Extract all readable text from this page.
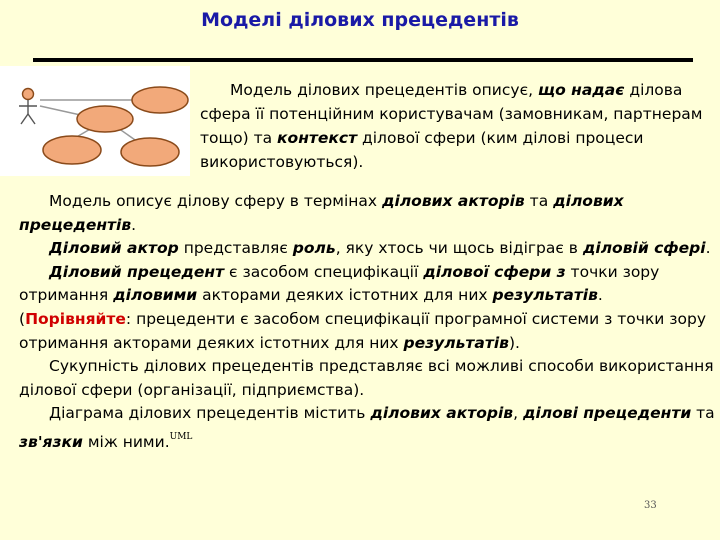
Моделі ділових прецедентів

Модель ділових прецедентів описує, що надає ділова сфера її потенційним користувачам (замовникам, партнерам тощо) та контекст ділової сфери (ким ділові процеси використовуються).

Модель описує ділову сферу в термінах ділових акторів та ділових прецедентів.

Діловий актор представляє роль, яку хтось чи щось відіграє в діловій сфері.

Діловий прецедент є засобом специфікації ділової сфери з точки зору отримання діловими акторами деяких істотних для них результатів. (Порівняйте: прецеденти є засобом специфікації програмної системи з точки зору отримання акторами деяких істотних для них результатів).

Сукупність ділових прецедентів представляє всі можливі способи використання ділової сфери (організації, підприємства).

Діаграма ділових прецедентів містить ділових акторів, ділові прецеденти та зв'язки між ними.$^{UML}$

33
